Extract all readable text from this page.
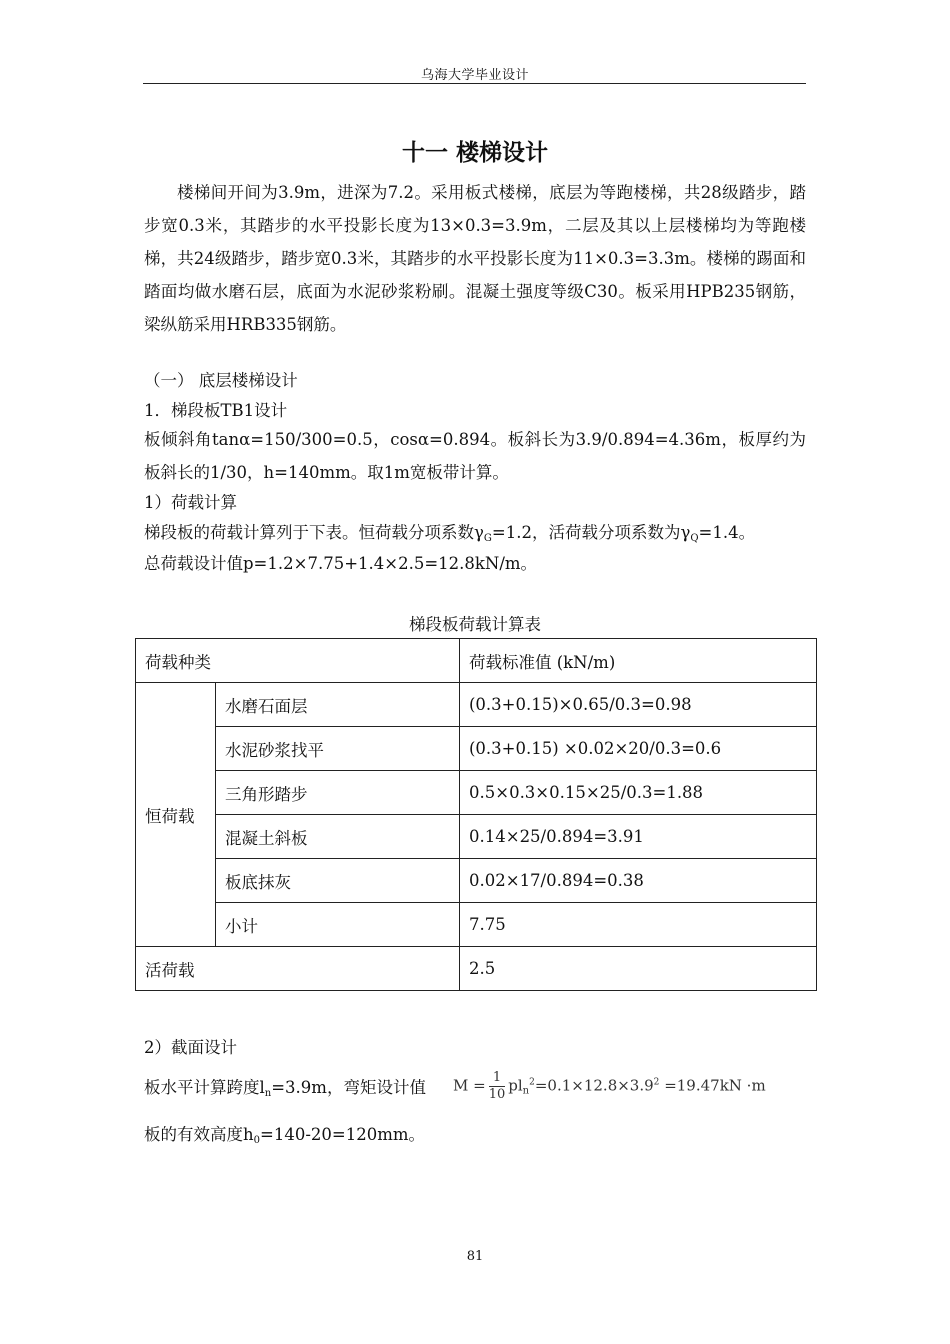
乌海大学毕业设计
十一 楼梯设计

楼梯间开间为3.9m，进深为7.2。采用板式楼梯，底层为等跑楼梯，共28级踏步，踏步宽0.3米，其踏步的水平投影长度为13×0.3=3.9m，二层及其以上层楼梯均为等跑楼梯，共24级踏步，踏步宽0.3米，其踏步的水平投影长度为11×0.3=3.3m。楼梯的踢面和踏面均做水磨石层，底面为水泥砂浆粉刷。混凝土强度等级C30。板采用HPB235钢筋，梁纵筋采用HRB335钢筋。

（一） 底层楼梯设计
1．梯段板TB1设计

板倾斜角tanα=150/300=0.5，cosα=0.894。板斜长为3.9/0.894=4.36m，板厚约为板斜长的1/30，h=140mm。取1m宽板带计算。

1）荷载计算
梯段板的荷载计算列于下表。恒荷载分项系数$\gamma_G=1.2$，活荷载分项系数为$\gamma_Q=1.4$。
总荷载设计值p=1.2×7.75+1.4×2.5=12.8kN/m。
梯段板荷载计算表
荷载种类		荷载标准值 (kN/m)
恒荷载	水磨石面层	(0.3+0.15)×0.65/0.3=0.98
	水泥砂浆找平	(0.3+0.15) ×0.02×20/0.3=0.6
	三角形踏步	0.5×0.3×0.15×25/0.3=1.88
	混凝土斜板	0.14×25/0.894=3.91
	板底抹灰	0.02×17/0.894=0.38
	小计	7.75
活荷载		2.5
2）截面设计
板水平计算跨度$l_n=3.9m$，弯矩设计值 $M = \frac{1}{10} pl_n^2=0.1\times 12.8\times 3.9^2 =19.47kN \cdot m$
板的有效高度$h_0=140-20=120mm$。
81
